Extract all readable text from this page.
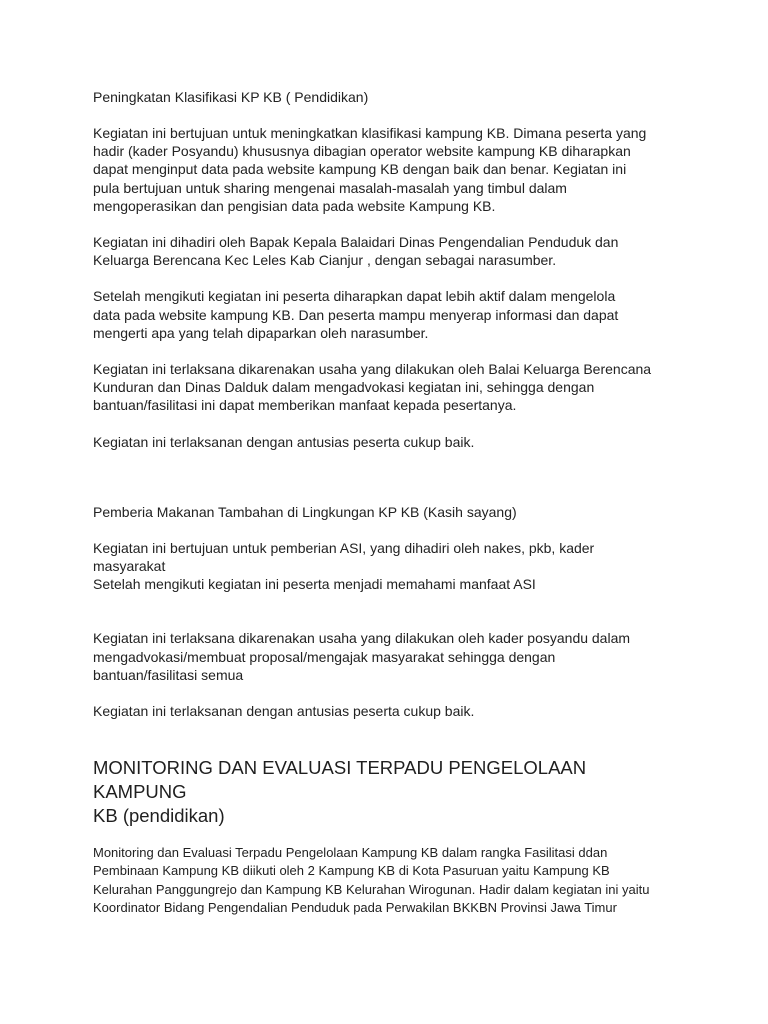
Peningkatan Klasifikasi KP KB ( Pendidikan)

Kegiatan ini bertujuan untuk meningkatkan klasifikasi kampung KB. Dimana peserta yang
hadir (kader Posyandu) khususnya dibagian operator website kampung KB diharapkan
dapat menginput data pada website kampung KB dengan baik dan benar. Kegiatan ini
pula bertujuan untuk sharing mengenai masalah-masalah yang timbul dalam
mengoperasikan dan pengisian data pada website Kampung KB.

Kegiatan ini dihadiri oleh Bapak Kepala Balaidari Dinas Pengendalian Penduduk dan
Keluarga Berencana Kec Leles Kab Cianjur , dengan sebagai narasumber.

Setelah mengikuti kegiatan ini peserta diharapkan dapat lebih aktif dalam mengelola
data pada website kampung KB. Dan peserta mampu menyerap informasi dan dapat
mengerti apa yang telah dipaparkan oleh narasumber.

Kegiatan ini terlaksana dikarenakan usaha yang dilakukan oleh Balai Keluarga Berencana
Kunduran dan Dinas Dalduk dalam mengadvokasi kegiatan ini, sehingga dengan
bantuan/fasilitasi ini dapat memberikan manfaat kepada pesertanya.

Kegiatan ini terlaksanan dengan antusias peserta cukup baik.

Pemberia Makanan Tambahan di Lingkungan KP KB (Kasih sayang)

Kegiatan ini bertujuan untuk pemberian ASI, yang dihadiri oleh nakes, pkb, kader
masyarakat
Setelah mengikuti kegiatan ini peserta menjadi memahami manfaat ASI

Kegiatan ini terlaksana dikarenakan usaha yang dilakukan oleh kader posyandu dalam
mengadvokasi/membuat proposal/mengajak masyarakat sehingga dengan
bantuan/fasilitasi semua

Kegiatan ini terlaksanan dengan antusias peserta cukup baik.

MONITORING DAN EVALUASI TERPADU PENGELOLAAN KAMPUNG
KB (pendidikan)

Monitoring dan Evaluasi Terpadu Pengelolaan Kampung KB dalam rangka Fasilitasi ddan
Pembinaan Kampung KB diikuti oleh 2 Kampung KB di Kota Pasuruan yaitu Kampung KB
Kelurahan Panggungrejo dan Kampung KB Kelurahan Wirogunan. Hadir dalam kegiatan ini yaitu
Koordinator Bidang Pengendalian Penduduk pada Perwakilan BKKBN Provinsi Jawa Timur
